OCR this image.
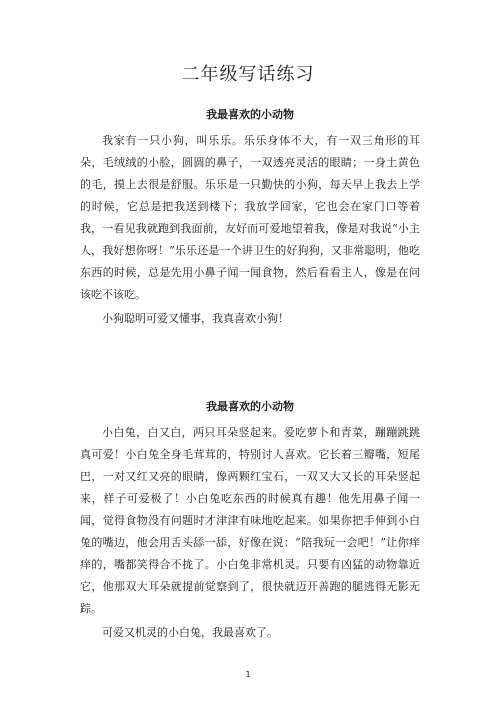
二年级写话练习
我最喜欢的小动物

我家有一只小狗，叫乐乐。乐乐身体不大，有一双三角形的耳朵，毛绒绒的小脸，圆圆的鼻子，一双透亮灵活的眼睛；一身土黄色的毛，摸上去很是舒服。乐乐是一只勤快的小狗，每天早上我去上学的时候，它总是把我送到楼下；我放学回家，它也会在家门口等着我，一看见我就跑到我面前，友好而可爱地望着我，像是对我说“小主人，我好想你呀！”乐乐还是一个讲卫生的好狗狗，又非常聪明，他吃东西的时候，总是先用小鼻子闻一闻食物，然后看看主人，像是在问该吃不该吃。

小狗聪明可爱又懂事，我真喜欢小狗！

我最喜欢的小动物

小白兔，白又白，两只耳朵竖起来。爱吃萝卜和青菜，蹦蹦跳跳真可爱！小白兔全身毛茸茸的，特别讨人喜欢。它长着三瓣嘴，短尾巴，一对又红又亮的眼睛，像两颗红宝石，一双又大又长的耳朵竖起来，样子可爱极了！小白兔吃东西的时候真有趣！他先用鼻子闻一闻，觉得食物没有问题时才津津有味地吃起来。如果你把手伸到小白兔的嘴边，他会用舌头舔一舔，好像在说：“陪我玩一会吧！”让你痒痒的，嘴都笑得合不拢了。小白兔非常机灵。只要有凶猛的动物靠近它，他那双大耳朵就提前觉察到了，很快就迈开善跑的腿逃得无影无踪。

可爱又机灵的小白兔，我最喜欢了。

1
